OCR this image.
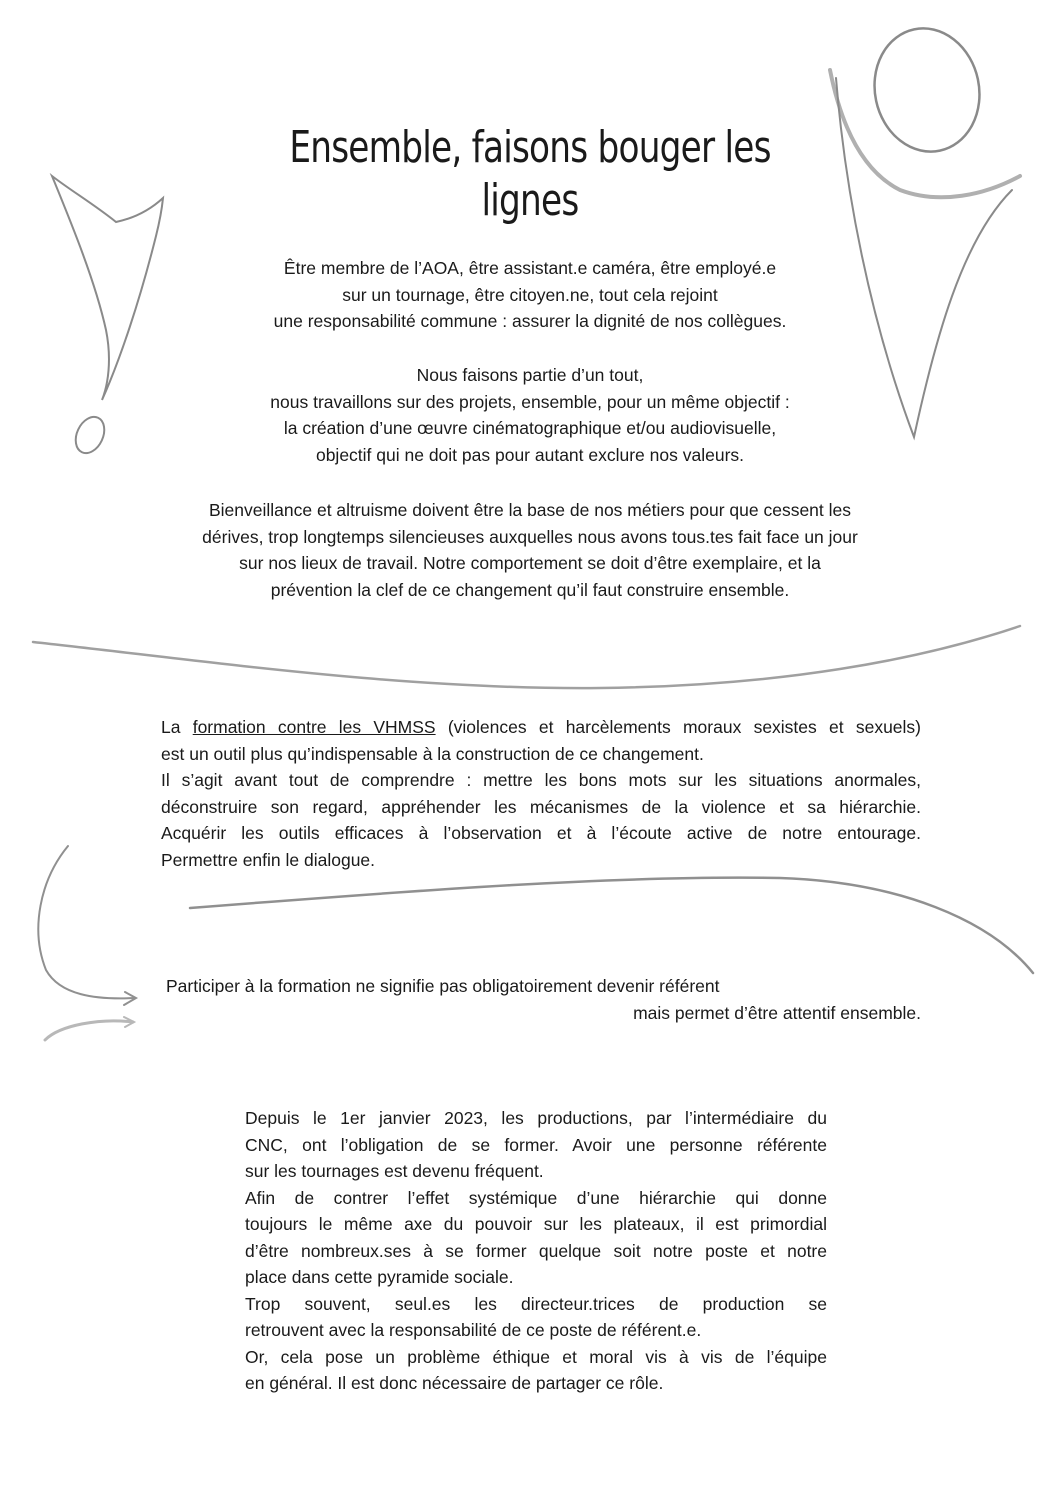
Ensemble, faisons bouger les lignes
Être membre de l’AOA, être assistant.e caméra, être employé.e
sur un tournage, être citoyen.ne, tout cela rejoint
une responsabilité commune : assurer la dignité de nos collègues.
Nous faisons partie d’un tout,
nous travaillons sur des projets, ensemble, pour un même objectif :
la création d’une œuvre cinématographique et/ou audiovisuelle,
objectif qui ne doit pas pour autant exclure nos valeurs.
Bienveillance et altruisme doivent être la base de nos métiers pour que cessent les
dérives, trop longtemps silencieuses auxquelles nous avons tous.tes fait face un jour
sur nos lieux de travail. Notre comportement se doit d’être exemplaire, et la
prévention la clef de ce changement qu’il faut construire ensemble.
La formation contre les VHMSS (violences et harcèlements moraux sexistes et sexuels)
est un outil plus qu’indispensable à la construction de ce changement.
Il s’agit avant tout de comprendre : mettre les bons mots sur les situations anormales,
déconstruire son regard, appréhender les mécanismes de la violence et sa hiérarchie.
Acquérir les outils efficaces à l’observation et à l’écoute active de notre entourage.
Permettre enfin le dialogue.
Participer à la formation ne signifie pas obligatoirement devenir référent
mais permet d’être attentif ensemble.
Depuis le 1er janvier 2023, les productions, par l’intermédiaire du
CNC, ont l’obligation de se former. Avoir une personne référente
sur les tournages est devenu fréquent.
Afin de contrer l’effet systémique d’une hiérarchie qui donne
toujours le même axe du pouvoir sur les plateaux, il est primordial
d’être nombreux.ses à se former quelque soit notre poste et notre
place dans cette pyramide sociale.
Trop souvent, seul.es les directeur.trices de production se
retrouvent avec la responsabilité de ce poste de référent.e.
Or, cela pose un problème éthique et moral vis à vis de l’équipe
en général. Il est donc nécessaire de partager ce rôle.
